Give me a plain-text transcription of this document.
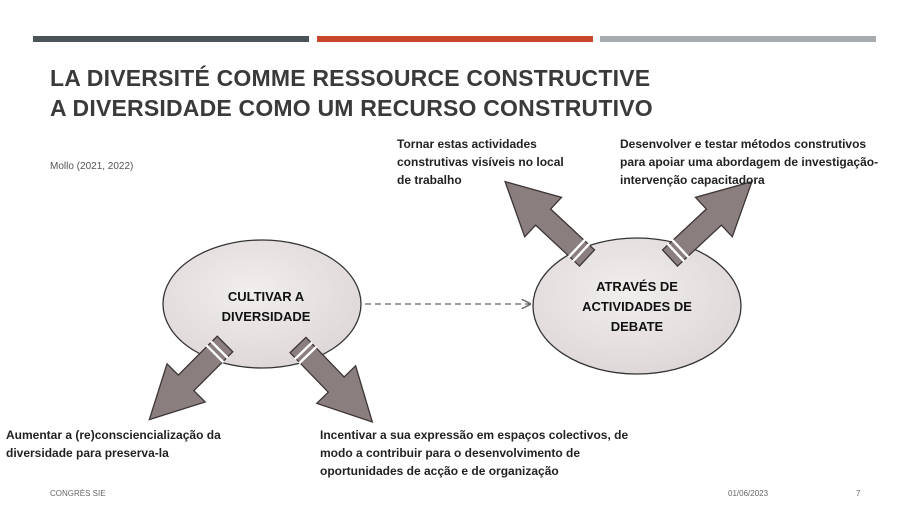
LA DIVERSITÉ COMME RESSOURCE CONSTRUCTIVE
A DIVERSIDADE COMO UM RECURSO CONSTRUTIVO
Mollo (2021, 2022)
CULTIVAR A
DIVERSIDADE
ATRAVÉS DE
ACTIVIDADES DE
DEBATE
Tornar estas actividades
construtivas visíveis no local
de trabalho
Desenvolver e testar métodos construtivos
para apoiar uma abordagem de investigação-
intervenção capacitadora
Aumentar a (re)consciencialização da
diversidade para preserva-la
Incentivar a sua expressão em espaços colectivos, de
modo a contribuir para o desenvolvimento de
oportunidades de acção e de organização
CONGRÈS SIE	01/06/2023	7
